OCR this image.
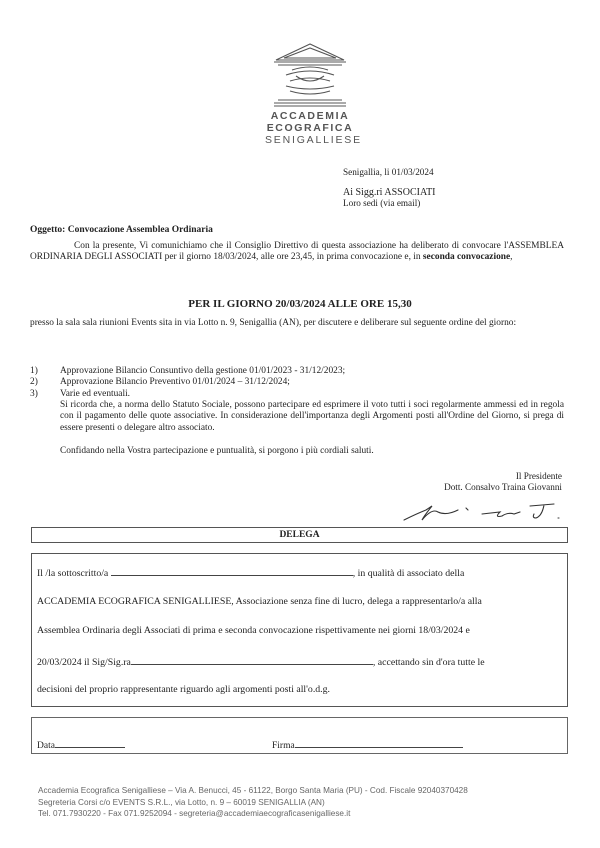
ACCADEMIA
ECOGRAFICA
SENIGALLIESE
Senigallia, li 01/03/2024
Ai Sigg.ri ASSOCIATI
Loro sedi (via email)
Oggetto: Convocazione Assemblea Ordinaria
Con la presente, Vi comunichiamo che il Consiglio Direttivo di questa associazione ha deliberato di convocare l'ASSEMBLEA ORDINARIA DEGLI ASSOCIATI per il giorno 18/03/2024, alle ore 23,45, in prima convocazione e, in seconda convocazione,
PER IL GIORNO 20/03/2024 ALLE ORE 15,30
presso la sala sala riunioni Events sita in via Lotto n. 9, Senigallia (AN), per discutere e deliberare sul seguente ordine del giorno:
1)	Approvazione Bilancio Consuntivo della gestione 01/01/2023 - 31/12/2023;
2)	Approvazione Bilancio Preventivo 01/01/2024 – 31/12/2024;
3)	Varie ed eventuali.
Si ricorda che, a norma dello Statuto Sociale, possono partecipare ed esprimere il voto tutti i soci regolarmente ammessi ed in regola con il pagamento delle quote associative. In considerazione dell'importanza degli Argomenti posti all'Ordine del Giorno, si prega di essere presenti o delegare altro associato.
Confidando nella Vostra partecipazione e puntualità, si porgono i più cordiali saluti.
Il Presidente
Dott. Consalvo Traina Giovanni
DELEGA
Il /la sottoscritto/a	, in qualità di associato della
ACCADEMIA ECOGRAFICA SENIGALLIESE, Associazione senza fine di lucro, delega a rappresentarlo/a alla
Assemblea Ordinaria degli Associati di prima e seconda convocazione rispettivamente nei giorni 18/03/2024 e
20/03/2024 il Sig/Sig.ra	, accettando sin d'ora tutte le
decisioni del proprio rappresentante riguardo agli argomenti posti all'o.d.g.
Data	Firma
Accademia Ecografica Senigalliese – Via A. Benucci, 45 - 61122, Borgo Santa Maria (PU) - Cod. Fiscale 92040370428
Segreteria Corsi c/o EVENTS S.R.L., via Lotto, n. 9 – 60019 SENIGALLIA (AN)
Tel. 071.7930220 - Fax 071.9252094 - segreteria@accademiaecograficasenigalliese.it
